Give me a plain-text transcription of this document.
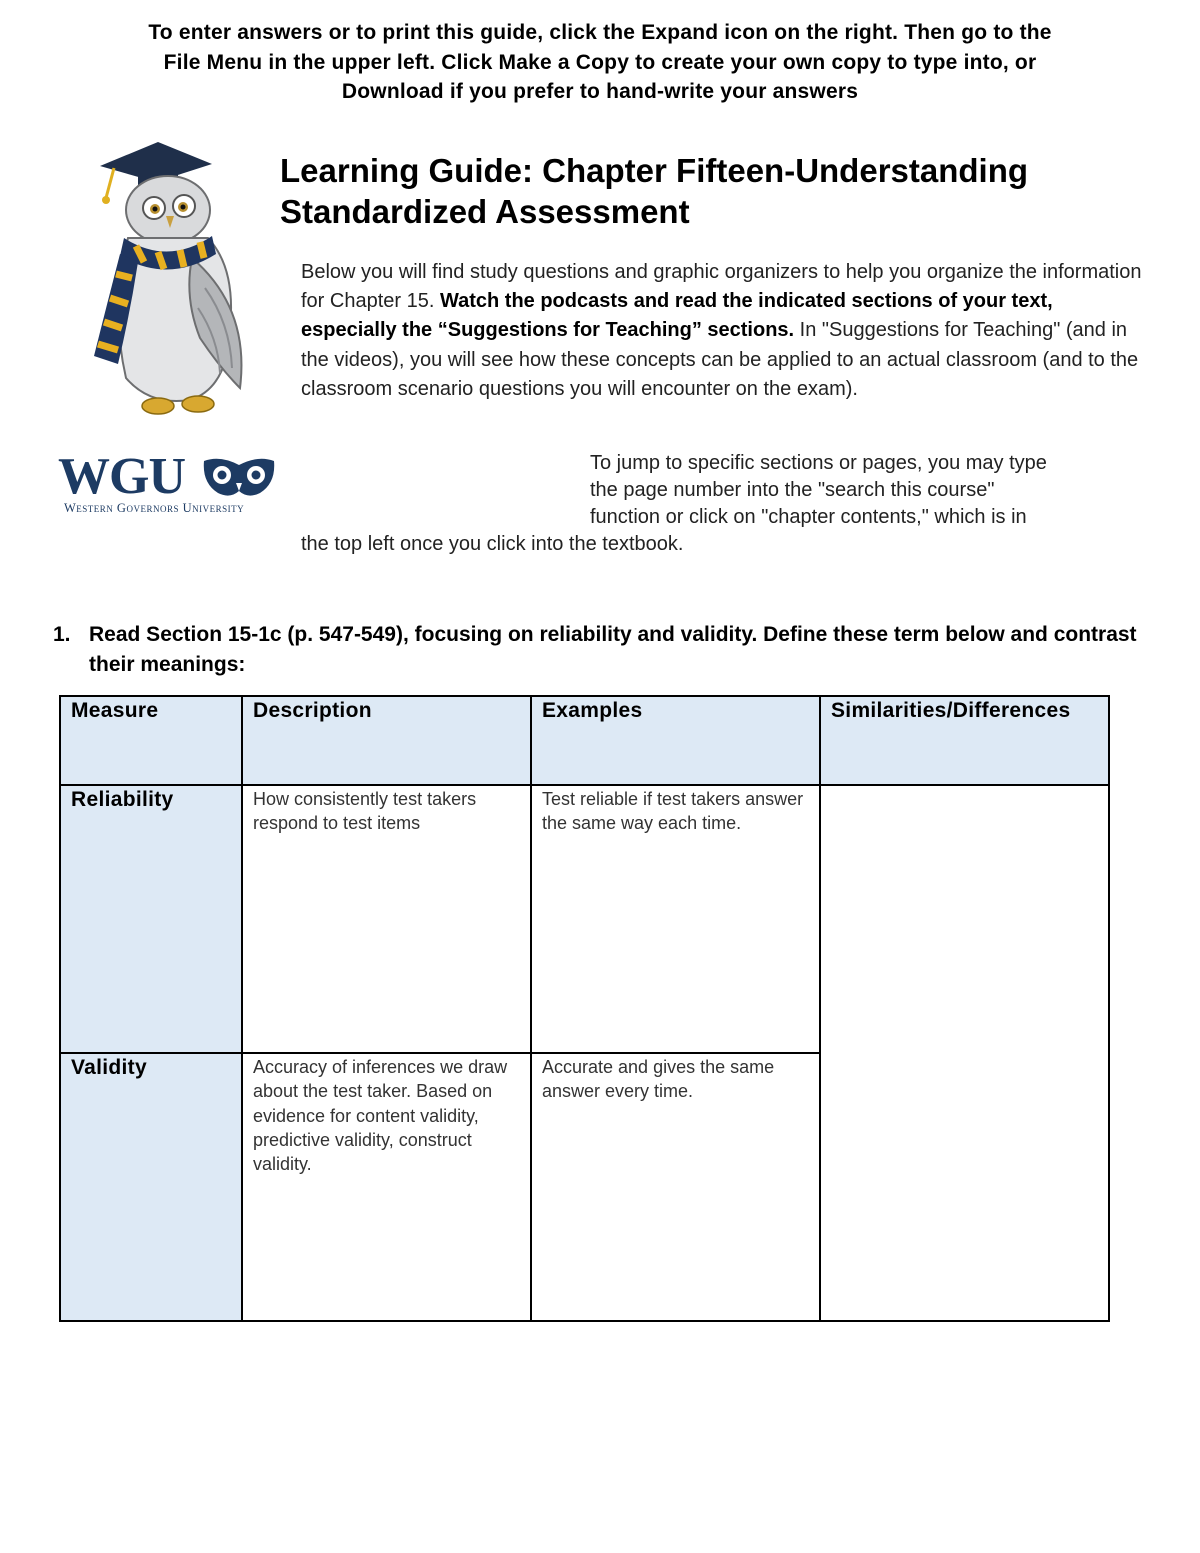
To enter answers or to print this guide, click the Expand icon on the right. Then go to the
File Menu in the upper left. Click Make a Copy to create your own copy to type into, or
Download if you prefer to hand-write your answers
WGU
Western Governors University
Learning Guide: Chapter Fifteen-Understanding
Standardized Assessment
Below you will find study questions and graphic organizers to help you organize the information for Chapter 15. Watch the podcasts and read the indicated sections of your text, especially the “Suggestions for Teaching” sections. In "Suggestions for Teaching" (and in the videos), you will see how these concepts can be applied to an actual classroom (and to the classroom scenario questions you will encounter on the exam).
To jump to specific sections or pages, you may type
the page number into the "search this course"
function or click on "chapter contents," which is in
the top left once you click into the textbook.
1. Read Section 15-1c (p. 547-549), focusing on reliability and validity. Define these term below and contrast their meanings:
Measure	Description	Examples	Similarities/Differences

Reliability	How consistently test takers respond to test items	Test reliable if test takers answer the same way each time.	

Validity	Accuracy of inferences we draw about the test taker. Based on evidence for content validity, predictive validity, construct validity.	Accurate and gives the same answer every time.	
